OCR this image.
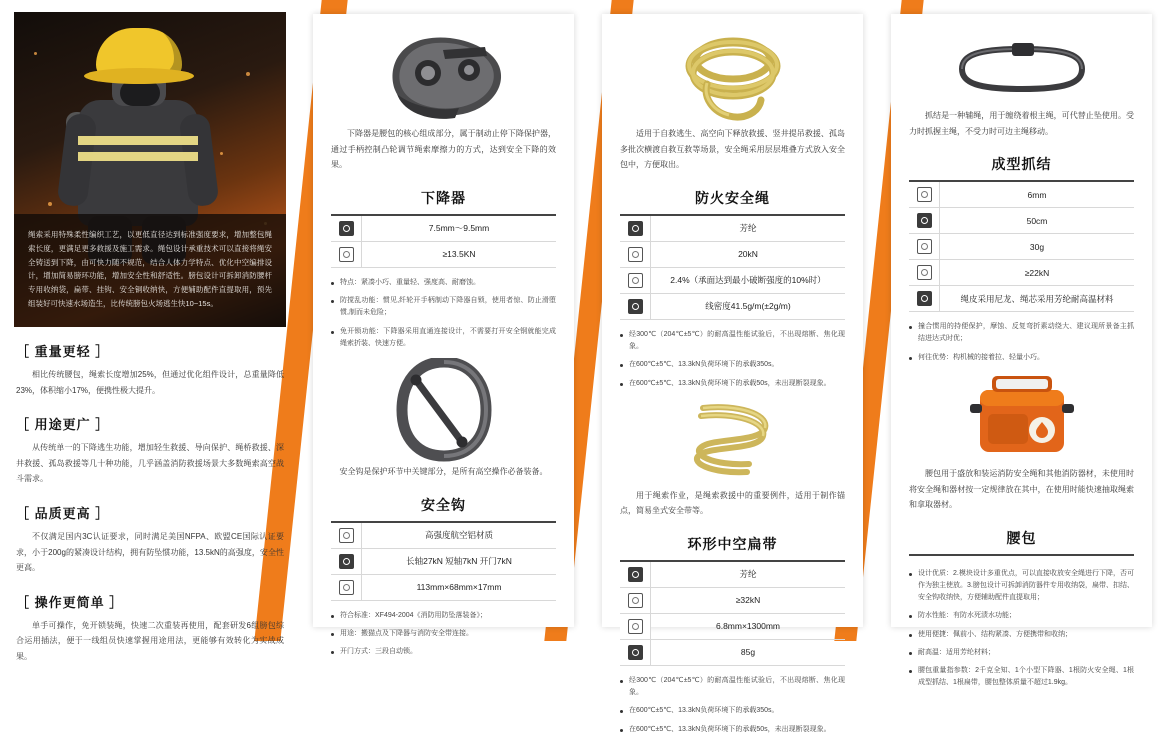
绳索采用特殊柔性编织工艺，以更低直径达到标准强度要求，增加整包绳索长度，更满足更多救援及施工需求。绳包设计承重技术可以直接将绳安全铸送到下降，由可快力随不规范，结合人体力学特点、优化中空编排设计，增加简易膀环功能，增加安全性和舒适性。膀包设计可拆卸消防腰杆专用收纳袋，扁带、挂钩、安全铜收纳快，方便辅助配件直提取用，预先组装好可快速水场造生，比传统膀包火场逃生快10~15s。
［ 重量更轻 ］

相比传统腰包，绳索长度增加25%，但通过优化组件设计，总重量降低23%，体积缩小17%，便携性极大提升。

［ 用途更广 ］

从传统单一的下降逃生功能，增加轻生救援、导向保护、绳桥救援、深井救援、孤岛救援等几十种功能，几乎涵盖消防救援场景大多数绳索高空战斗需求。

［ 品质更高 ］

不仅满足国内3C认证要求，同时满足美国NFPA、欧盟CE国际认证要求，小于200g的紧凑设计结构，拥有防坠惯功能，13.5kN的高强度，安全性更高。

［ 操作更简单 ］

单手可操作，免开锁装绳，快速二次重装再使用，配套研发6组膀包综合运用插法，便于一线组员快速掌握用途用法，更能够有效转化为实战成果。

下降器是腰包的核心组成部分，属于制动止停下降保护器，通过手柄控制凸轮调节绳索摩擦力的方式，达到安全下降的效果。

下降器
	7.5mm～9.5mm
	≥13.5KN
特点：紧凑小巧、重量轻、强度高、耐磨蚀。
防搅乱功能：惯见,纤轮开手柄制动下降器自锁，使用者惊、防止滑堕惯,制而未危险；
免开锁功能：下降器采用直通连接设计，不需要打开安全钢就能完成绳索折装、快速方便。

安全钩是保护环节中关键部分，是所有高空操作必备装备。

安全钩
	高强度航空铝材质
	长轴27kN 短轴7kN 开门7kN
	113mm×68mm×17mm
符合标准：XF494-2004《消防用防坠落装备》；
用途：搬猫点及下降器与消防安全带连接。
开门方式：三段自动锁。

适用于自救逃生、高空向下释放救援、竖井提吊救援、孤岛多批次横渡自救互救等场景，安全绳采用层层堆叠方式放入安全包中，方便取出。

防火安全绳
	芳纶
	20kN
	2.4%（承面达到最小破断强度的10%时）
	线密度41.5g/m(±2g/m)
经300℃（204℃±5℃）的耐高温性能试验后，不出现熔断、焦化现象。
在600℃±5℃、13.3kN负荷环境下的承载350s。
在600℃±5℃、13.3kN负荷环境下的承载50s，未出现断裂现象。

用于绳索作业，是绳索救援中的重要例件，适用于制作锚点，简易坐式安全带等。

环形中空扁带
	芳纶
	≥32kN
	6.8mm×1300mm
	85g
经300℃（204℃±5℃）的耐高温性能试验后，不出现熔断、焦化现象。
在600℃±5℃、13.3kN负荷环境下的承载350s。
在600℃±5℃、13.3kN负荷环境下的承载50s，未出现断裂现象。

抓结是一种辅绳，用于缠绕着根主绳，可代替止坠使用。受力时抓握主绳，不受力时可边主绳移动。

成型抓结
	6mm
	50cm
	30g
	≥22kN
	绳皮采用尼龙、绳芯采用芳纶耐高温材料
撞合惯用的持便保护，摩蚀、反复弯折素动绕大、建议现所景备主抓结进达式时优；
何往优势：构机械的接着拉、轻量小巧。

腰包用于盛放和装运消防安全绳和其他消防器材，未使用时将安全绳和器材按一定规律放在其中，在使用时能快速抽取绳索和拿取器材。

腰包
设计优质：2.模块设计多重优点，可以直接收放安全绳进行下降，否可作为独主使放。3.膀包设计可拆卸消防器件专用收纳袋，扁带、扣结、安全钩收纳快，方便辅助配件直提取用；
防水性能：有防水死渍水功能；
使用便捷：佩前小、结构紧凑、方便携带和收纳；
耐高温：适用芳纶材料；
腰包重量指参数：2千克全知、1个小型下降器、1根防火安全绳、1根成型抓结、1根扁带，腰包整体质量不超过1.9kg。
